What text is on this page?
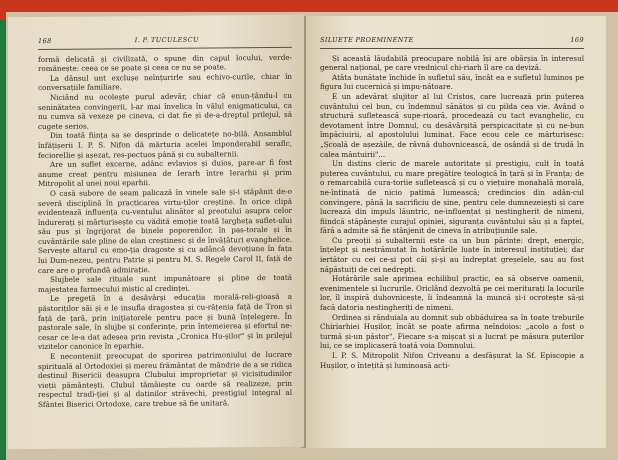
168	I. P. TUCULESCU

formă delicată și civilizată, o spune din capul locului, verde-romănește: ceea ce se poate și ceea ce nu se poate.

La dânsul unt exclușe neînțurirle sau echivo-curile, chiar în conversațiile familiare.

Niciând nu ocolește purul adevăr, chiar că enun-țându-l cu seninătatea convingerii, l-ar mai învelica în vălul enigmaticului, ca nu cumva să vexeze pe cineva, ci dat fie și de-a-dreptul prilejul, să cugete serios.

Din toată ființa sa se desprinde o delicatețe no-bilă. Ansamblul înfățișerii I. P. S. Nifon dă mărturia acelei împonderabil seraflc, fecioreIlie și așezat, res-pectuos până și cu subalternii.

Are un suflet excerne, adânc evlavios și duios, pare-ar fi fost anume creat pentru misiunea de Ierarh între Ierarhii și prim Mitropolit al unei noui eparhii.

O casă subore de seam palicază în vinele sale și-i stăpânit de-o severă disciplină în practicarea virtu-ților creștine. În orice clipă evidentează influența cu-ventului alinător al preotului asupra celor îndurerați și mărturisește cu vădită emoție toată largheța suflet-ului său pus și îngrijorat de binele poporenilor, în pas-torale și în cuvântările sale pline de elan creștinesc și de învățături evanghelice. Servește altarul cu emo-ția dragoste și cu adâncă devoțiune în fața lui Dum-nezeu, pentru Patrie și pentru M. S. Regele Carol II, față de care are o profundă admirație.

Slujbele sale rituale sunt impunătoare și pline de toată majestatea farmecului mistic al credinței.

Le pregetă în a desăvârși educația morală-reli-gioasă a păstoriților săi și e le insufla dragostea și cu-rățenia față de Tron și față de țară, prin iniţiatorele pentru pace și bună înțelegere. În pastorale sale, în slujbe și conferințe, prin întemeierea și efortul ne-cesar ce le-a dat adesea prin revista „Cronica Hu-șilor" și în prilejul vizitelor canonice în eparhie.

E neconteniit preocupat de sporirea patrimoniului de lucrare spirituală al Ortodoxiei și mereu frământat de mândrie de a se ridica destinul Bisericii deasupra Clubului improprietar și vicisitudinilor vieții pământești. Clubul tămâiește cu oarde să realizeze, prin respectul tradi-ției și al datinilor străvechi, prestigiul integral al Sfântei Biserici Ortodoxe, care trebue să fie unitară.

SILUETE PROEMINENTE	169

Și această lăudabilă preocupare nobilă își are obârșia în interesul general național, pe care vrednicul chi-riarh îl are ca deviză.

Atâta bunătate închide în sufletul său, încât ea e sufletul luminos pe figura lui cucernică și impu-nătoare.

E un adevărat slujitor al lui Cristos, care lucrează prin puterea cuvântului cel bun, cu îndemnul sănătos și cu pilda cea vie. Având o structură sufletească supe-rioară, procedează cu tact evanghelic, cu devotament între Domnul, cu desăvârșită perspicacitate și cu ne-bun împăciuirii, al apostolului luminat. Face ecou cele ce mărturisesc: „Școală de așezăile, de râvnă duhovnicească, de osândă și de trudă în calea mântuirii"...

Un distins cleric de marele autoritate și prestigiu, cult în toată puterea cuvântului, cu mare pregătire teologică în țară și în Franța; de o remarcabilă cura-toriie sufletească și cu o viețuire monahală morală, ne-întinată de nicio patimă lumească; credincios din adân-cul convingere, până la sacrificiu de sine, pentru cele dumnezeiești și care lucrează din impuls lăuntric, ne-influențat și nestingherit de nimeni, fiindcă stăpânește curajul opiniei, siguranța cuvântului său și a faptei, fără a admite să fie stânjenit de cineva în atribuțiunile sale.

Cu preoții și subalternii este ca un bun părinte: drept, energic, înțelept și nestrămutat în hotărârile luate în interesul instituției; dar iertător cu cei ce-și pot căi și-și au îndreptat greșelele, sau au fost năpăstuiți de cei nedrepți.

Hotărârile sale aprimea echilibul practic, ea să observe oamenii, evenimentele și lucrurile. Oriclând dezvoltă pe cei meriturați la locurile lor, îl inspiră duhovnicește, îi îndeamnă la muncă și-i ocrotește să-și facă datoria nestingheriți de nimeni.

Ordinea și rânduiala au domnit sub obbăduirea sa în toate treburile Chiriarhiei Hușilor, încât se poate afirma neîndoios: „acolo a fost o turmă și-un păstor", Fiecare s-a mișcat și a lucrat pe măsura puterilor lui, ce se implicaseră toată voia Domnului.

I. P. S. Mitropolit Nifon Criveanu a desfășurat la Sf. Episcopie a Hușilor, o întețită și luminoasă acti-
